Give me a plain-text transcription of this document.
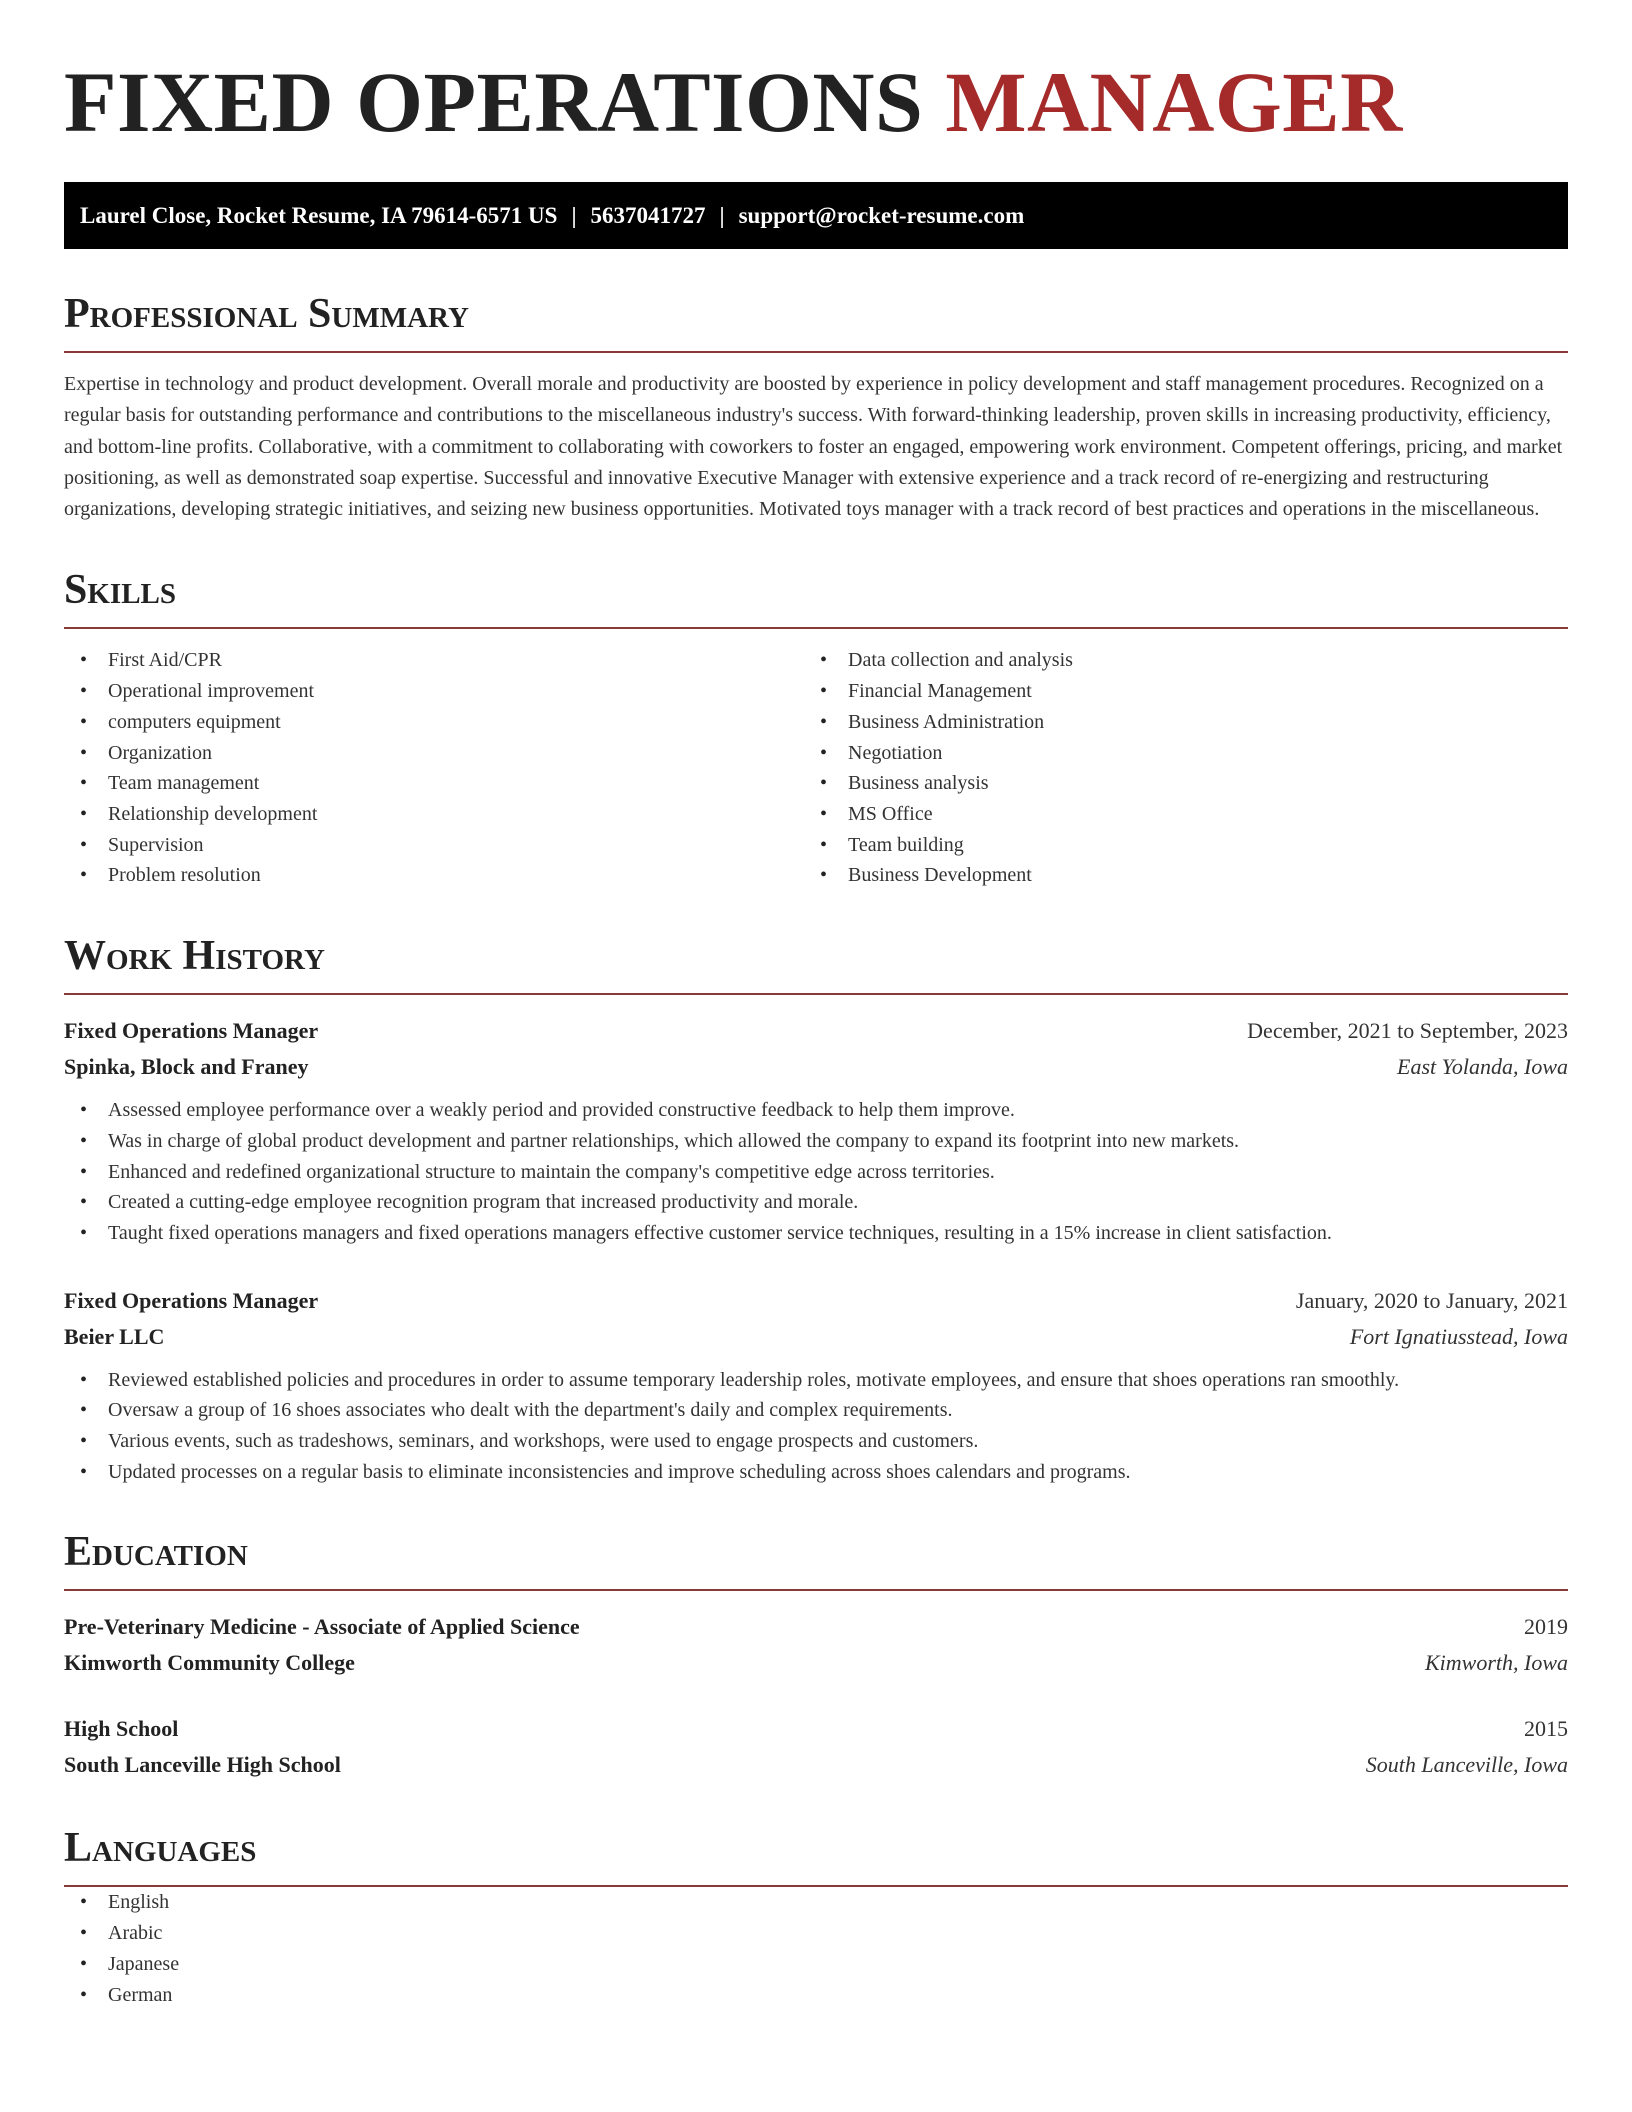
FIXED OPERATIONS MANAGER
Laurel Close, Rocket Resume, IA 79614-6571 US | 5637041727 | support@rocket-resume.com
Professional Summary
Expertise in technology and product development. Overall morale and productivity are boosted by experience in policy development and staff management procedures. Recognized on a regular basis for outstanding performance and contributions to the miscellaneous industry's success. With forward-thinking leadership, proven skills in increasing productivity, efficiency, and bottom-line profits. Collaborative, with a commitment to collaborating with coworkers to foster an engaged, empowering work environment. Competent offerings, pricing, and market positioning, as well as demonstrated soap expertise. Successful and innovative Executive Manager with extensive experience and a track record of re-energizing and restructuring organizations, developing strategic initiatives, and seizing new business opportunities. Motivated toys manager with a track record of best practices and operations in the miscellaneous.
Skills
• First Aid/CPR
• Operational improvement
• computers equipment
• Organization
• Team management
• Relationship development
• Supervision
• Problem resolution
• Data collection and analysis
• Financial Management
• Business Administration
• Negotiation
• Business analysis
• MS Office
• Team building
• Business Development
Work History
Fixed Operations Manager	December, 2021 to September, 2023
Spinka, Block and Franey	East Yolanda, Iowa
• Assessed employee performance over a weakly period and provided constructive feedback to help them improve.
• Was in charge of global product development and partner relationships, which allowed the company to expand its footprint into new markets.
• Enhanced and redefined organizational structure to maintain the company's competitive edge across territories.
• Created a cutting-edge employee recognition program that increased productivity and morale.
• Taught fixed operations managers and fixed operations managers effective customer service techniques, resulting in a 15% increase in client satisfaction.
Fixed Operations Manager	January, 2020 to January, 2021
Beier LLC	Fort Ignatiusstead, Iowa
• Reviewed established policies and procedures in order to assume temporary leadership roles, motivate employees, and ensure that shoes operations ran smoothly.
• Oversaw a group of 16 shoes associates who dealt with the department's daily and complex requirements.
• Various events, such as tradeshows, seminars, and workshops, were used to engage prospects and customers.
• Updated processes on a regular basis to eliminate inconsistencies and improve scheduling across shoes calendars and programs.
Education
Pre-Veterinary Medicine - Associate of Applied Science	2019
Kimworth Community College	Kimworth, Iowa
High School	2015
South Lanceville High School	South Lanceville, Iowa
Languages
• English
• Arabic
• Japanese
• German
